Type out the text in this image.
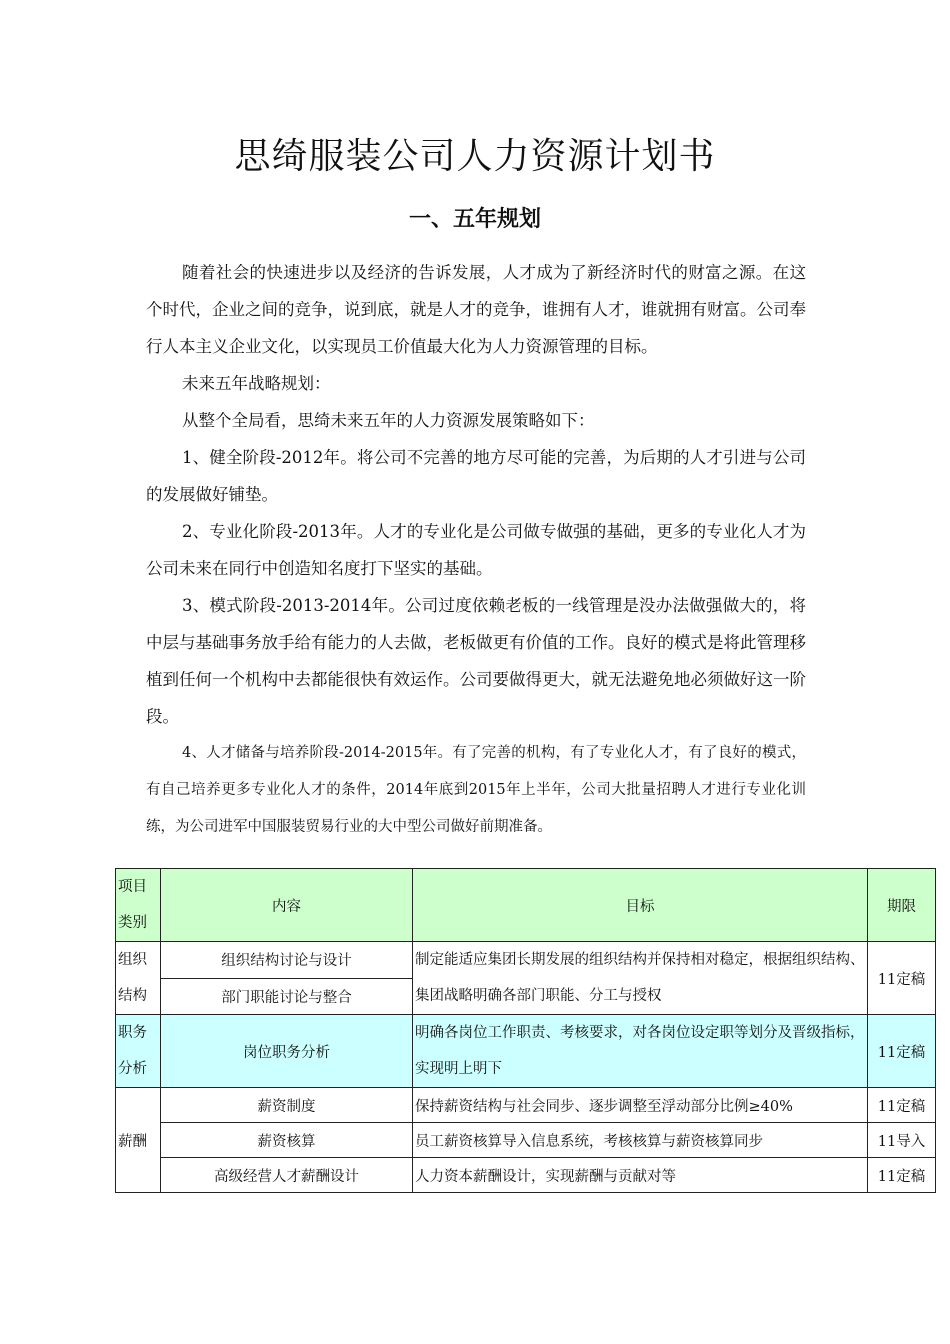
思绮服装公司人力资源计划书
一、五年规划

随着社会的快速进步以及经济的告诉发展，人才成为了新经济时代的财富之源。在这个时代，企业之间的竞争，说到底，就是人才的竞争，谁拥有人才，谁就拥有财富。公司奉行人本主义企业文化，以实现员工价值最大化为人力资源管理的目标。

未来五年战略规划：

从整个全局看，思绮未来五年的人力资源发展策略如下：

1、健全阶段-2012年。将公司不完善的地方尽可能的完善，为后期的人才引进与公司的发展做好铺垫。

2、专业化阶段-2013年。人才的专业化是公司做专做强的基础，更多的专业化人才为公司未来在同行中创造知名度打下坚实的基础。

3、模式阶段-2013-2014年。公司过度依赖老板的一线管理是没办法做强做大的，将中层与基础事务放手给有能力的人去做，老板做更有价值的工作。良好的模式是将此管理移植到任何一个机构中去都能很快有效运作。公司要做得更大，就无法避免地必须做好这一阶段。

4、人才储备与培养阶段-2014-2015年。有了完善的机构，有了专业化人才，有了良好的模式，有自己培养更多专业化人才的条件，2014年底到2015年上半年，公司大批量招聘人才进行专业化训练，为公司进军中国服装贸易行业的大中型公司做好前期准备。

项目类别	内容	目标	期限
组织结构	组织结构讨论与设计	制定能适应集团长期发展的组织结构并保持相对稳定，根据组织结构、集团战略明确各部门职能、分工与授权	11定稿
	部门职能讨论与整合		
职务分析	岗位职务分析	明确各岗位工作职责、考核要求，对各岗位设定职等划分及晋级指标，实现明上明下	11定稿
薪酬	薪资制度	保持薪资结构与社会同步、逐步调整至浮动部分比例≥40%	11定稿
	薪资核算	员工薪资核算导入信息系统，考核核算与薪资核算同步	11导入
	高级经营人才薪酬设计	人力资本薪酬设计，实现薪酬与贡献对等	11定稿
